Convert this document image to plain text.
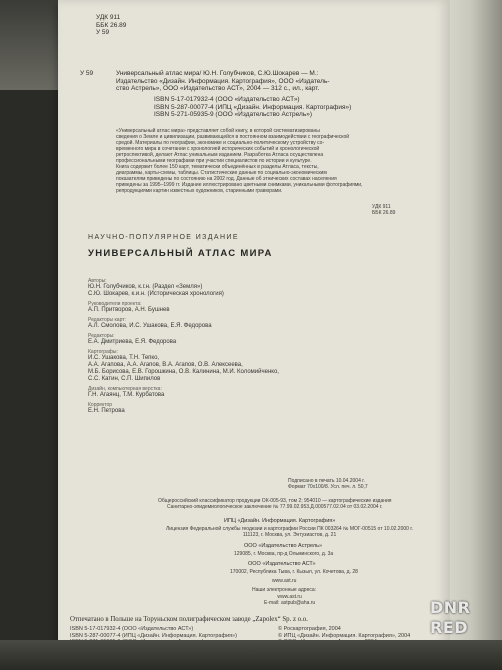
УДК 911
ББК 26.89
У 59
У 59	Универсальный атлас мира/ Ю.Н. Голубчиков, С.Ю.Шокарев — М.:
Издательство «Дизайн. Информация. Картография», ООО «Издатель-
ство Астрель», ООО «Издательство АСТ», 2004 — 312 с., ил., карт.
ISBN 5-17-017932-4 (ООО «Издательство АСТ»)
ISBN 5-287-00077-4 (ИПЦ «Дизайн. Информация. Картография»)
ISBN 5-271-05935-9 (ООО «Издательство Астрель»)
«Универсальный атлас мира» представляет собой книгу, в которой систематизированы
сведения о Земле и цивилизации, развивающейся в постоянном взаимодействии с географической
средой. Материалы по географии, экономике и социально-политическому устройству со-
временного мира в сочетании с хронологией исторических событий и хронологической
ретроспективой, делают Атлас уникальным изданием. Разработка Атласа осуществлена
профессиональными географами при участии специалистов по истории и культуре.
Книга содержит более 150 карт, тематически объединённых в разделы Атласа, тексты,
диаграммы, карты-схемы, таблицы. Статистические данные по социально-экономическим
показателям приведены по состоянию на 2002 год. Данные об этнических составах населения
приведены за 1995–1999 гг. Издание иллюстрировано цветными снимками, уникальными фотографиями,
репродукциями картин известных художников, старинными гравюрами.
УДК 911
ББК 26.89
НАУЧНО-ПОПУЛЯРНОЕ ИЗДАНИЕ
УНИВЕРСАЛЬНЫЙ АТЛАС МИРА
Авторы:
Ю.Н. Голубчиков, к.г.н. (Раздел «Земля»)
С.Ю. Шокарев, к.и.н. (Историческая хронология)
Руководители проекта:
А.П. Притворов, А.Н. Бушнев
Редакторы карт:
А.Л. Смолова, И.С. Ушакова, Е.Я. Федорова
Редакторы:
Е.А. Дмитриева, Е.Я. Федорова
Картографы:
И.С. Ушакова, Т.Н. Тепко,
А.А. Агапова, А.А. Агапов, В.А. Агапов, О.В. Алексеева,
М.Б. Борисова, Е.В. Горошкина, О.В. Калинина, М.И. Коломийченко,
С.С. Катин, С.П. Шипилов
Дизайн, компьютерная верстка:
Г.Н. Агаянц, Т.М. Курбатова
Корректор
Е.Н. Петрова
Подписано в печать 10.04.2004 г.
Формат 70х100/8. Усл. печ. л. 50,7
Общероссийский классификатор продукции ОК-005-93, том 2; 954010 — картографические издания
Санитарно-эпидемиологическое заключение № 77.99.02.953.Д.000577.02.04 от 03.02.2004 г.
ИПЦ «Дизайн. Информация. Картография»
Лицензия Федеральной службы геодезии и картографии России ПК 003264 № МОГ-00515 от 10.02.2000 г.
111123, г. Москва, ул. Энтузиастов, д. 21
ООО «Издательство Астрель»
129085, г. Москва, пр-д Ольминского, д. 3а
ООО «Издательство АСТ»
170002, Республика Тыва, г. Кызыл, ул. Кочетова, д. 28
www.ast.ru
Наши электронные адреса:
www.ast.ru
E-mail: astpub@aha.ru
Отпечатано в Польше на Торуньском полиграфическом заводе „Zapolex“ Sp. z o.o.
ISBN 5-17-017932-4 (ООО «Издательство АСТ»)
ISBN 5-287-00077-4 (ИПЦ «Дизайн. Информация. Картография»)
© Роскартография, 2004
© ИПЦ «Дизайн. Информация. Картография», 2004
DNR
RED
